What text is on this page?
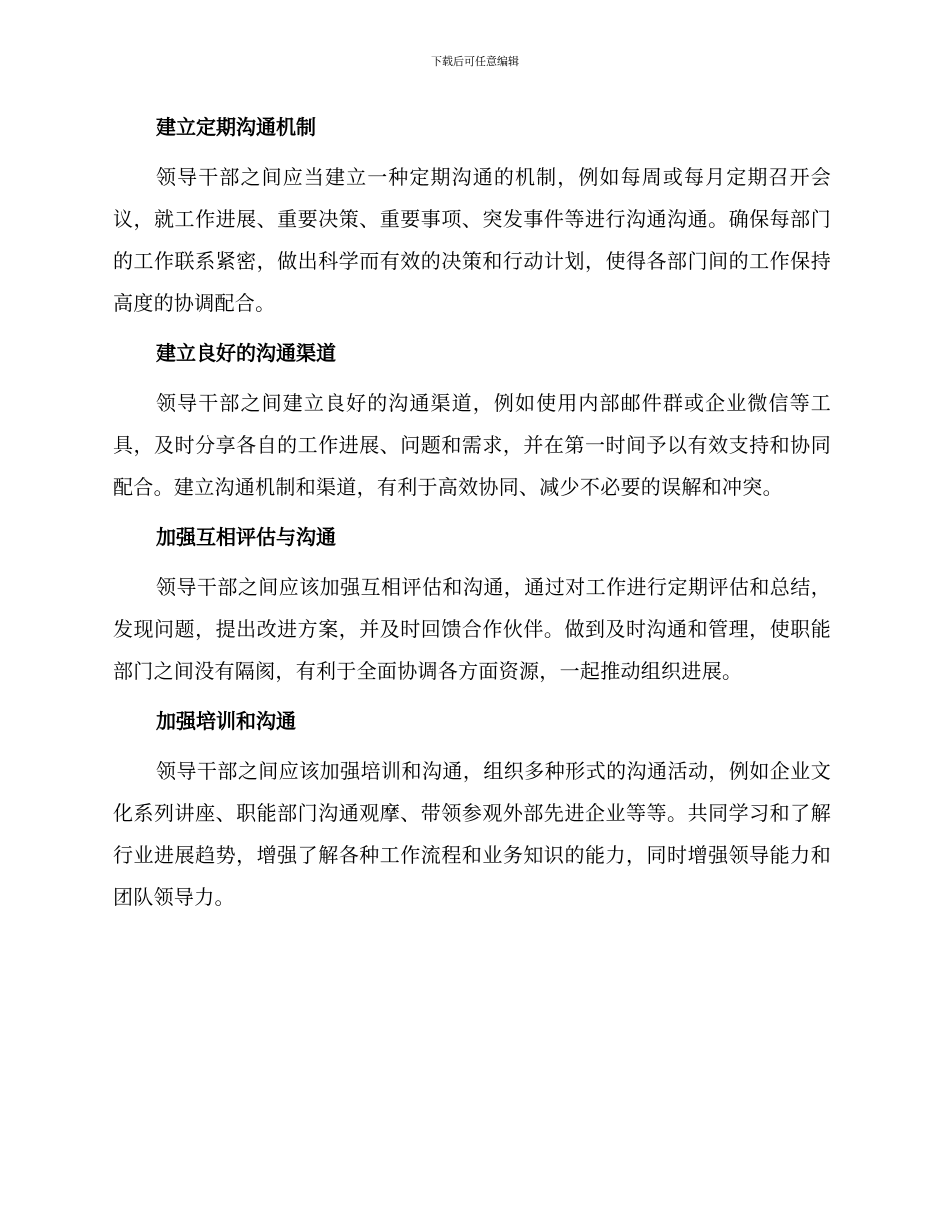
下载后可任意编辑
建立定期沟通机制

领导干部之间应当建立一种定期沟通的机制，例如每周或每月定期召开会议，就工作进展、重要决策、重要事项、突发事件等进行沟通沟通。确保每部门的工作联系紧密，做出科学而有效的决策和行动计划，使得各部门间的工作保持高度的协调配合。

建立良好的沟通渠道

领导干部之间建立良好的沟通渠道，例如使用内部邮件群或企业微信等工具，及时分享各自的工作进展、问题和需求，并在第一时间予以有效支持和协同配合。建立沟通机制和渠道，有利于高效协同、减少不必要的误解和冲突。

加强互相评估与沟通

领导干部之间应该加强互相评估和沟通，通过对工作进行定期评估和总结，发现问题，提出改进方案，并及时回馈合作伙伴。做到及时沟通和管理，使职能部门之间没有隔阂，有利于全面协调各方面资源，一起推动组织进展。

加强培训和沟通

领导干部之间应该加强培训和沟通，组织多种形式的沟通活动，例如企业文化系列讲座、职能部门沟通观摩、带领参观外部先进企业等等。共同学习和了解行业进展趋势，增强了解各种工作流程和业务知识的能力，同时增强领导能力和团队领导力。
